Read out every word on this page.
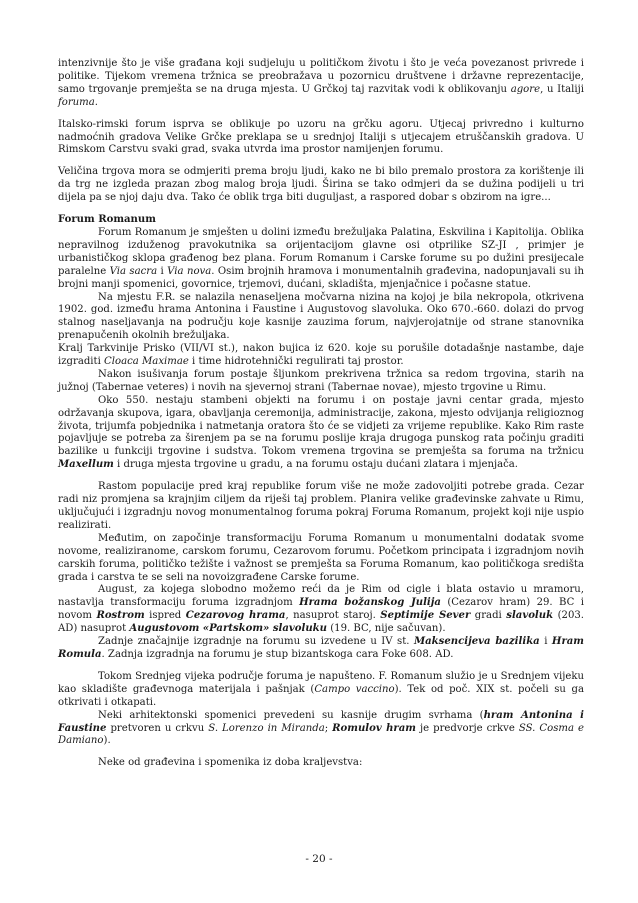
intenzivnije što je više građana koji sudjeluju u političkom životu i što je veća povezanost privrede i politike. Tijekom vremena tržnica se preobražava u pozornicu društvene i državne reprezentacije, samo trgovanje premješta se na druga mjesta. U Grčkoj taj razvitak vodi k oblikovanju agore, u Italiji foruma.

Italsko-rimski forum isprva se oblikuje po uzoru na grčku agoru. Utjecaj privredno i kulturno nadmoćnih gradova Velike Grčke preklapa se u srednjoj Italiji s utjecajem etruščanskih gradova. U Rimskom Carstvu svaki grad, svaka utvrda ima prostor namijenjen forumu.

Veličina trgova mora se odmjeriti prema broju ljudi, kako ne bi bilo premalo prostora za korištenje ili da trg ne izgleda prazan zbog malog broja ljudi. Širina se tako odmjeri da se dužina podijeli u tri dijela pa se njoj daju dva. Tako će oblik trga biti duguljast, a raspored dobar s obzirom na igre...

Forum Romanum

Forum Romanum je smješten u dolini između brežuljaka Palatina, Eskvilina i Kapitolija. Oblika nepravilnog izduženog pravokutnika sa orijentacijom glavne osi otprilike SZ-JI , primjer je urbanističkog sklopa građenog bez plana. Forum Romanum i Carske forume su po dužini presijecale paralelne Via sacra i Via nova. Osim brojnih hramova i monumentalnih građevina, nadopunjavali su ih brojni manji spomenici, govornice, trjemovi, dućani, skladišta, mjenjačnice i počasne statue.

Na mjestu F.R. se nalazila nenaseljena močvarna nizina na kojoj je bila nekropola, otkrivena 1902. god. između hrama Antonina i Faustine i Augustovog slavoluka. Oko 670.-660. dolazi do prvog stalnog naseljavanja na području koje kasnije zauzima forum, najvjerojatnije od strane stanovnika prenapučenih okolnih brežuljaka.

Kralj Tarkvinije Prisko (VII/VI st.), nakon bujica iz 620. koje su porušile dotadašnje nastambe, daje izgraditi Cloaca Maximae i time hidrotehnički regulirati taj prostor.

Nakon isušivanja forum postaje šljunkom prekrivena tržnica sa redom trgovina, starih na južnoj (Tabernae veteres) i novih na sjevernoj strani (Tabernae novae), mjesto trgovine u Rimu.

Oko 550. nestaju stambeni objekti na forumu i on postaje javni centar grada, mjesto održavanja skupova, igara, obavljanja ceremonija, administracije, zakona, mjesto odvijanja religioznog života, trijumfa pobjednika i natmetanja oratora što će se vidjeti za vrijeme republike. Kako Rim raste pojavljuje se potreba za širenjem pa se na forumu poslije kraja drugoga punskog rata počinju graditi bazilike u funkciji trgovine i sudstva. Tokom vremena trgovina se premješta sa foruma na tržnicu Maxellum i druga mjesta trgovine u gradu, a na forumu ostaju dućani zlatara i mjenjača.

Rastom populacije pred kraj republike forum više ne može zadovoljiti potrebe grada. Cezar radi niz promjena sa krajnjim ciljem da riješi taj problem. Planira velike građevinske zahvate u Rimu, uključujući i izgradnju novog monumentalnog foruma pokraj Foruma Romanum, projekt koji nije uspio realizirati.

Međutim, on započinje transformaciju Foruma Romanum u monumentalni dodatak svome novome, realiziranome, carskom forumu, Cezarovom forumu. Početkom principata i izgradnjom novih carskih foruma, političko težište i važnost se premješta sa Foruma Romanum, kao političkoga središta grada i carstva te se seli na novoizgrađene Carske forume.

August, za kojega slobodno možemo reći da je Rim od cigle i blata ostavio u mramoru, nastavlja transformaciju foruma izgradnjom Hrama božanskog Julija (Cezarov hram) 29. BC i novom Rostrom ispred Cezarovog hrama, nasuprot staroj. Septimije Sever gradi slavoluk (203. AD) nasuprot Augustovom «Partskom» slavoluku (19. BC, nije sačuvan).

Zadnje značajnije izgradnje na forumu su izvedene u IV st. Maksencijeva bazilika i Hram Romula. Zadnja izgradnja na forumu je stup bizantskoga cara Foke 608. AD.

Tokom Srednjeg vijeka područje foruma je napušteno. F. Romanum služio je u Srednjem vijeku kao skladište građevnoga materijala i pašnjak (Campo vaccino). Tek od poč. XIX st. počeli su ga otkrivati i otkapati.

Neki arhitektonski spomenici prevedeni su kasnije drugim svrhama (hram Antonina i Faustine pretvoren u crkvu S. Lorenzo in Miranda; Romulov hram je predvorje crkve SS. Cosma e Damiano).

Neke od građevina i spomenika iz doba kraljevstva:

- 20 -
